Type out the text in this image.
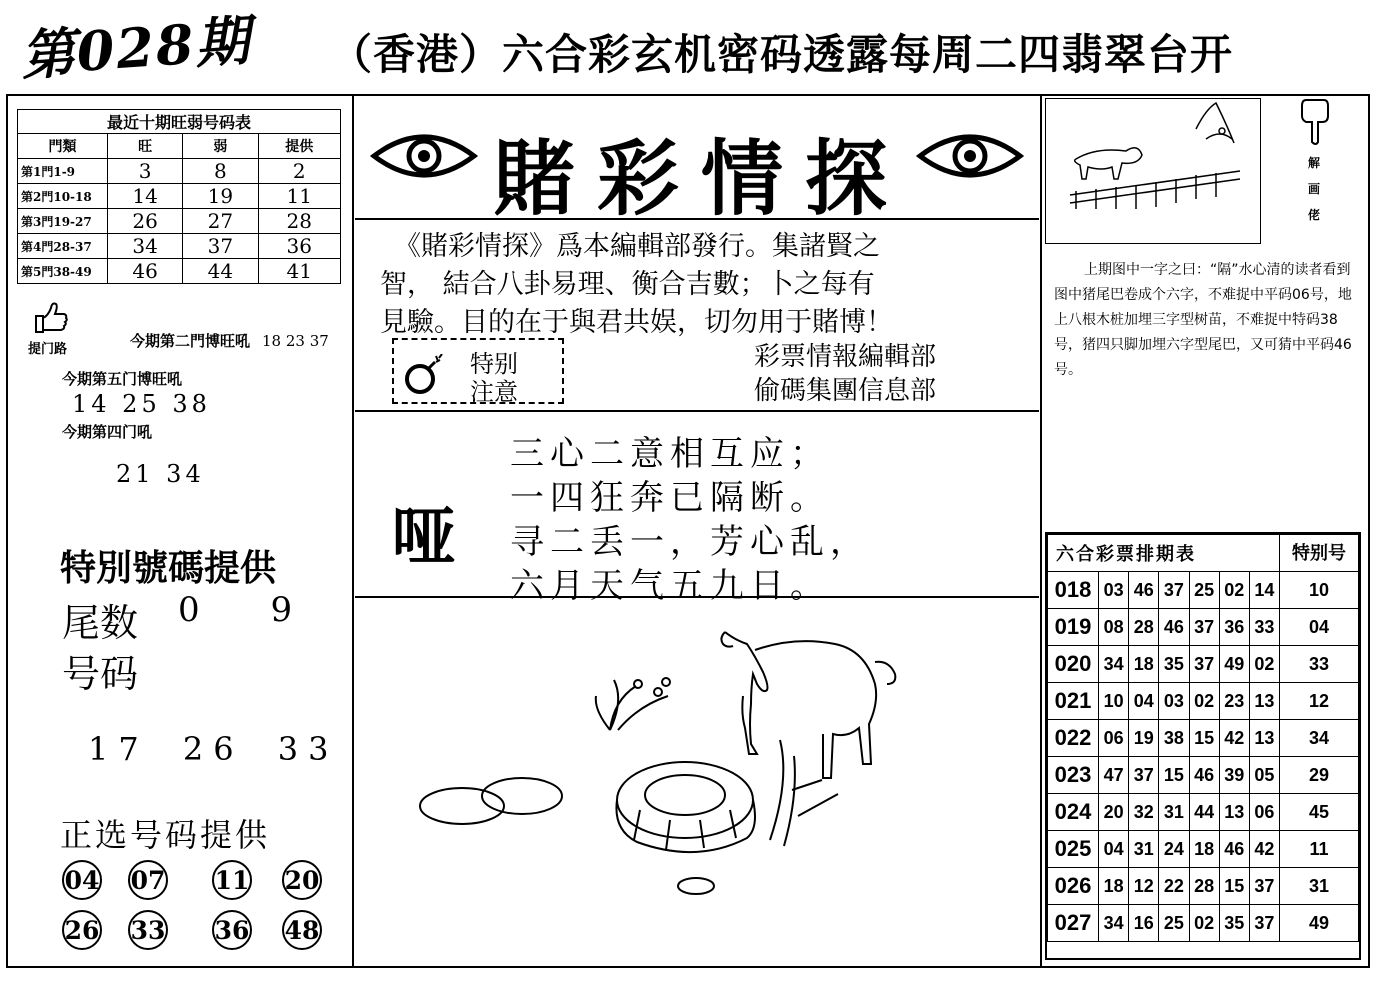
第028期 （香港）六合彩玄机密码透露每周二四翡翠台开
最近十期旺弱号码表			
門類	旺	弱	提供
第1門1-9	3	8	2
第2門10-18	14	19	11
第3門19-27	26	27	28
第4門28-37	34	37	36
第5門38-49	46	44	41
提门路	今期第二門博旺吼 18 23 37
今期第五门博旺吼
14 25 38
今期第四门吼
21 34
特別號碼提供
尾数 0 9
号码
17 26 33
正选号码提供
04 07 11 20
26 33 36 48
賭彩情探
《賭彩情探》爲本編輯部發行。集諸賢之
智， 結合八卦易理、衡合吉數；卜之每有
見驗。目的在于與君共娱，切勿用于賭博！
特别
注意
彩票情報編輯部
偷碼集團信息部
哑
三心二意相互应；
一四狂奔已隔断。
寻二丢一，芳心乱，
六月天气五九日。
解画佬
上期图中一字之曰：“隔”水心清的读者看到图中猪尾巴卷成个六字，不难捉中平码06号，地上八根木桩加埋三字型树苗，不难捉中特码38号，猪四只脚加埋六字型尾巴，又可猜中平码46号。
六合彩票排期表							特别号
018	03	46	37	25	02	14	10
019	08	28	46	37	36	33	04
020	34	18	35	37	49	02	33
021	10	04	03	02	23	13	12
022	06	19	38	15	42	13	34
023	47	37	15	46	39	05	29
024	20	32	31	44	13	06	45
025	04	31	24	18	46	42	11
026	18	12	22	28	15	37	31
027	34	16	25	02	35	37	49
